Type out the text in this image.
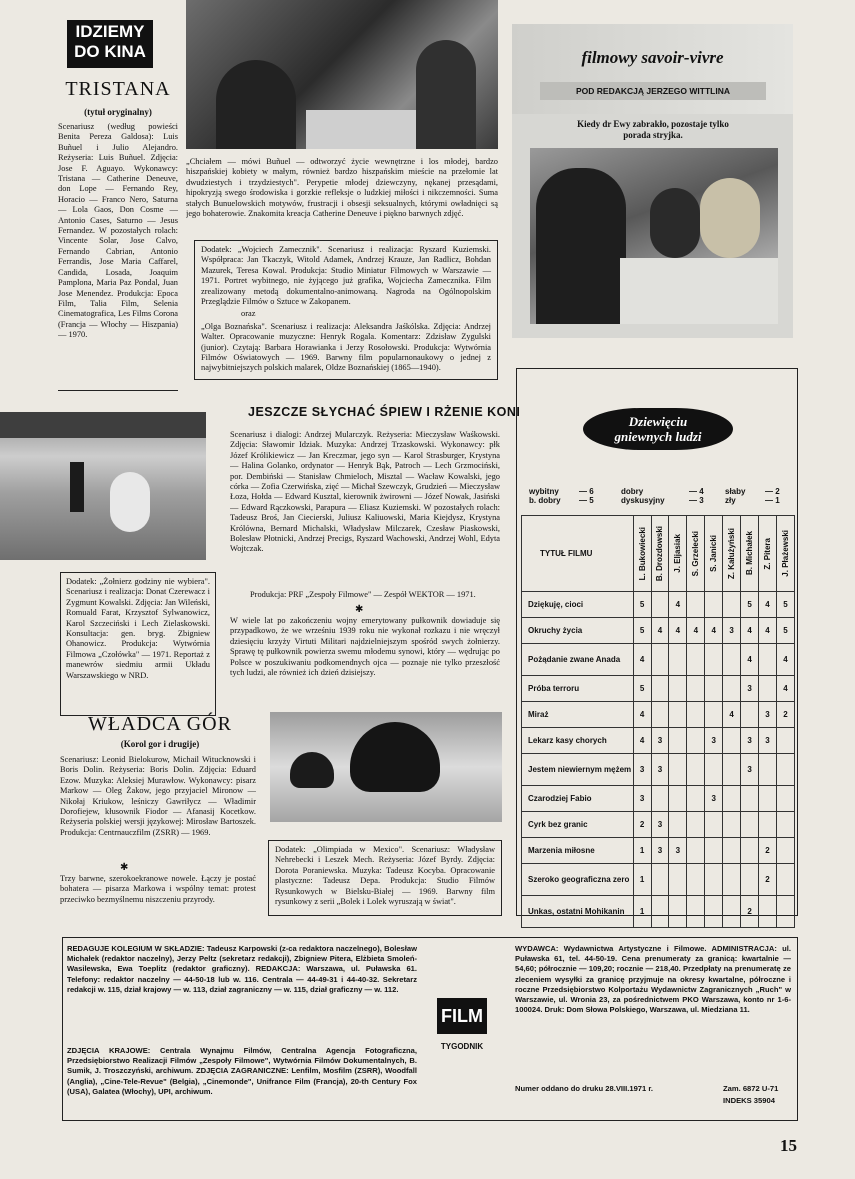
IDZIEMY
DO KINA
TRISTANA
(tytuł oryginalny)
Scenariusz (według powieści Benita Pereza Galdosa): Luis Buñuel i Julio Alejandro. Reżyseria: Luis Buñuel. Zdjęcia: Jose F. Aguayo. Wykonawcy: Tristana — Catherine Deneuve, don Lope — Fernando Rey, Horacio — Franco Nero, Saturna — Lola Gaos, Don Cosme — Antonio Cases, Saturno — Jesus Fernandez. W pozostałych rolach: Vincente Solar, Jose Calvo, Fernando Cabrian, Antonio Ferrandis, Jose Maria Caffarel, Candida, Losada, Joaquim Pamplona, Maria Paz Pondal, Juan Jose Menendez. Produkcja: Epoca Film, Talia Film, Selenia Cinematografica, Les Films Corona (Francja — Włochy — Hiszpania) — 1970.
„Chciałem — mówi Buñuel — odtworzyć życie wewnętrzne i los młodej, bardzo hiszpańskiej kobiety w małym, również bardzo hiszpańskim mieście na przełomie lat dwudziestych i trzydziestych". Perypetie młodej dziewczyny, nękanej przesądami, hipokryzją swego środowiska i gorzkie refleksje o ludzkiej miłości i nikczemności. Suma stałych Bunuelowskich motywów, frustracji i obsesji seksualnych, którymi owładnięci są jego bohaterowie. Znakomita kreacja Catherine Deneuve i piękno barwnych zdjęć.

Dodatek: „Wojciech Zamecznik". Scenariusz i realizacja: Ryszard Kuziemski. Współpraca: Jan Tkaczyk, Witold Adamek, Andrzej Krauze, Jan Radlicz, Bohdan Mazurek, Teresa Kowal. Produkcja: Studio Miniatur Filmowych w Warszawie — 1971. Portret wybitnego, nie żyjącego już grafika, Wojciecha Zamecznika. Film zrealizowany metodą dokumentalno-animowaną. Nagroda na Ogólnopolskim Przeglądzie Filmów o Sztuce w Zakopanem.

oraz

„Olga Boznańska". Scenariusz i realizacja: Aleksandra Jaśkólska. Zdjęcia: Andrzej Walter. Opracowanie muzyczne: Henryk Rogala. Komentarz: Zdzisław Zygulski (junior). Czytają: Barbara Horawianka i Jerzy Rosołowski. Produkcja: Wytwórnia Filmów Oświatowych — 1969. Barwny film popularnonaukowy o jednej z najwybitniejszych polskich malarek, Oldze Boznańskiej (1865—1940).

filmowy savoir-vivre
POD REDAKCJĄ JERZEGO WITTLINA
Kiedy dr Ewy zabrakło, pozostaje tylko porada stryjka.
Dodatek: „Żołnierz godziny nie wybiera". Scenariusz i realizacja: Donat Czerewacz i Zygmunt Kowalski. Zdjęcia: Jan Wileński, Romuald Farat, Krzysztof Sylwanowicz, Karol Szczeciński i Lech Zielaskowski. Konsultacja: gen. bryg. Zbigniew Ohanowicz. Produkcja: Wytwórnia Filmowa „Czołówka" — 1971. Reportaż z manewrów siedmiu armii Układu Warszawskiego w NRD.
JESZCZE SŁYCHAĆ ŚPIEW I RŻENIE KONI
Scenariusz i dialogi: Andrzej Mularczyk. Reżyseria: Mieczysław Waśkowski. Zdjęcia: Sławomir Idziak. Muzyka: Andrzej Trzaskowski. Wykonawcy: płk Józef Królikiewicz — Jan Kreczmar, jego syn — Karol Strasburger, Krystyna — Halina Golanko, ordynator — Henryk Bąk, Patroch — Lech Grzmociński, por. Dembiński — Stanisław Chmieloch, Misztal — Wacław Kowalski, jego córka — Zofia Czerwińska, zięć — Michał Szewczyk, Grudzień — Mieczysław Łoza, Hołda — Edward Kusztal, kierownik żwirowni — Józef Nowak, Jasiński — Edward Rączkowski, Parapura — Eliasz Kuziemski. W pozostałych rolach: Tadeusz Broś, Jan Ciecierski, Juliusz Kaliuowski, Maria Kiejdysz, Krystyna Królówna, Bernard Michalski, Władysław Milczarek, Czesław Piaskowski, Bolesław Płotnicki, Andrzej Precigs, Ryszard Wachowski, Andrzej Wohl, Edyta Wojtczak.
Produkcja: PRF „Zespoły Filmowe" — Zespół WEKTOR — 1971.
✱
W wiele lat po zakończeniu wojny emerytowany pułkownik dowiaduje się przypadkowo, że we wrześniu 1939 roku nie wykonał rozkazu i nie wręczył dziesięciu krzyży Virtuti Militari najdzielniejszym spośród swych żołnierzy. Sprawę tę pułkownik powierza swemu młodemu synowi, który — wędrując po Polsce w poszukiwaniu podkomendnych ojca — poznaje nie tylko przeszłość tych ludzi, ale również ich dzień dzisiejszy.
WŁADCA GÓR
(Korol gor i drugije)
Scenariusz: Leonid Bielokurow, Michail Witucknowski i Boris Dolin. Reżyseria: Boris Dolin. Zdjęcia: Eduard Ezow. Muzyka: Aleksiej Murawłow. Wykonawcy: pisarz Markow — Oleg Żakow, jego przyjaciel Mironow — Nikołaj Kriukow, leśniczy Gawriłycz — Władimir Dorofiejew, kłusownik Fiodor — Afanasij Kocetkow. Reżyseria polskiej wersji językowej: Mirosław Bartoszek. Produkcja: Centrnauczfilm (ZSRR) — 1969.
✱
Trzy barwne, szerokoekranowe nowele. Łączy je postać bohatera — pisarza Markowa i wspólny temat: protest przeciwko bezmyślnemu niszczeniu przyrody.
Dodatek: „Olimpiada w Mexico". Scenariusz: Władysław Nehrebecki i Leszek Mech. Reżyseria: Józef Byrdy. Zdjęcia: Dorota Poraniewska. Muzyka: Tadeusz Kocyba. Opracowanie plastyczne: Tadeusz Depa. Produkcja: Studio Filmów Rysunkowych w Bielsku-Białej — 1969. Barwny film rysunkowy z serii „Bolek i Lolek wyruszają w świat".
Dziewięciu
gniewnych ludzi
wybitny	— 6
b. dobry — 5
dobry	— 4
dyskusyjny	— 3
słaby — 2
zły	— 1
TYTUŁ FILMU	L. Bukowiecki	B. Drozdowski	J. Eljasiak	S. Grzelecki	S. Janicki	Z. Kałużyński	B. Michałek	Z. Pitera	J. Płażewski

Dziękuję, cioci	5		4				5	4	5
Okruchy życia	5	4	4	4	4	3	4	4	5
Pożądanie zwane Anada	4						4		4
Próba terroru	5						3		4
Miraż	4					4		3	2
Lekarz kasy chorych	4	3			3		3	3	
Jestem niewiernym mężem	3	3					3		
Czarodziej Fabio	3				3				
Cyrk bez granic	2	3							
Marzenia miłosne	1	3	3					2	
Szeroko geograficzna zero	1							2	
Unkas, ostatni Mohikanin	1						2		
REDAGUJE KOLEGIUM W SKŁADZIE: Tadeusz Karpowski (z-ca redaktora naczelnego), Bolesław Michałek (redaktor naczelny), Jerzy Peltz (sekretarz redakcji), Zbigniew Pitera, Elżbieta Smoleń-Wasilewska, Ewa Toeplitz (redaktor graficzny). REDAKCJA: Warszawa, ul. Puławska 61. Telefony: redaktor naczelny — 44-50-18 lub w. 116. Centrala — 44-49-31 i 44-40-32. Sekretarz redakcji w. 115, dział krajowy — w. 113, dział zagraniczny — w. 115, dział graficzny — w. 112.
ZDJĘCIA KRAJOWE: Centrala Wynajmu Filmów, Centralna Agencja Fotograficzna, Przedsiębiorstwo Realizacji Filmów „Zespoły Filmowe", Wytwórnia Filmów Dokumentalnych, B. Sumik, J. Troszczyński, archiwum. ZDJĘCIA ZAGRANICZNE: Lenfilm, Mosfilm (ZSRR), Woodfall (Anglia), „Cine-Tele-Revue" (Belgia), „Cinemonde", Unifrance Film (Francja), 20-th Century Fox (USA), Galatea (Włochy), UPI, archiwum.
FILM
TYGODNIK
WYDAWCA: Wydawnictwa Artystyczne i Filmowe. ADMINISTRACJA: ul. Puławska 61, tel. 44-50-19. Cena prenumeraty za granicą: kwartalnie — 54,60; półrocznie — 109,20; rocznie — 218,40. Przedpłaty na prenumeratę ze zleceniem wysyłki za granicę przyjmuje na okresy kwartalne, półroczne i roczne Przedsiębiorstwo Kolportażu Wydawnictw Zagranicznych „Ruch" w Warszawie, ul. Wronia 23, za pośrednictwem PKO Warszawa, konto nr 1-6-100024. Druk: Dom Słowa Polskiego, Warszawa, ul. Miedziana 11.
Numer oddano do druku 28.VIII.1971 r.	Zam. 6872 U-71
INDEKS 35904
15
